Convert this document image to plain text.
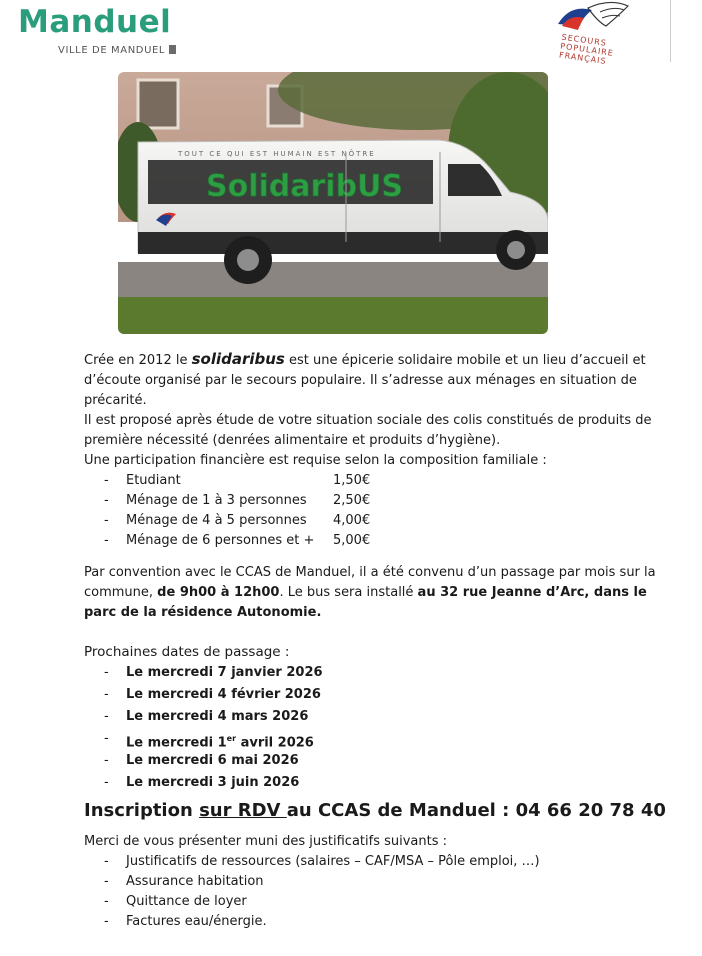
Manduel
VILLE DE MANDUEL
SECOURS POPULAIRE FRANÇAIS
TOUT CE QUI EST HUMAIN EST NÔTRE
SolidaribUS
Crée en 2012 le solidaribus est une épicerie solidaire mobile et un lieu d’accueil et
d’écoute organisé par le secours populaire. Il s’adresse aux ménages en situation de
précarité.
Il est proposé après étude de votre situation sociale des colis constitués de produits de
première nécessité (denrées alimentaire et produits d’hygiène).
Une participation financière est requise selon la composition familiale :
- Etudiant	1,50€
- Ménage de 1 à 3 personnes 2,50€
- Ménage de 4 à 5 personnes 4,00€
- Ménage de 6 personnes et + 5,00€
Par convention avec le CCAS de Manduel, il a été convenu d’un passage par mois sur la
commune, de 9h00 à 12h00. Le bus sera installé au 32 rue Jeanne d’Arc, dans le
parc de la résidence Autonomie.
Prochaines dates de passage :
- Le mercredi 7 janvier 2026
- Le mercredi 4 février 2026
- Le mercredi 4 mars 2026
- Le mercredi 1er avril 2026
- Le mercredi 6 mai 2026
- Le mercredi 3 juin 2026
Inscription sur RDV au CCAS de Manduel : 04 66 20 78 40
Merci de vous présenter muni des justificatifs suivants :
- Justificatifs de ressources (salaires – CAF/MSA – Pôle emploi, …)
- Assurance habitation
- Quittance de loyer
- Factures eau/énergie.
